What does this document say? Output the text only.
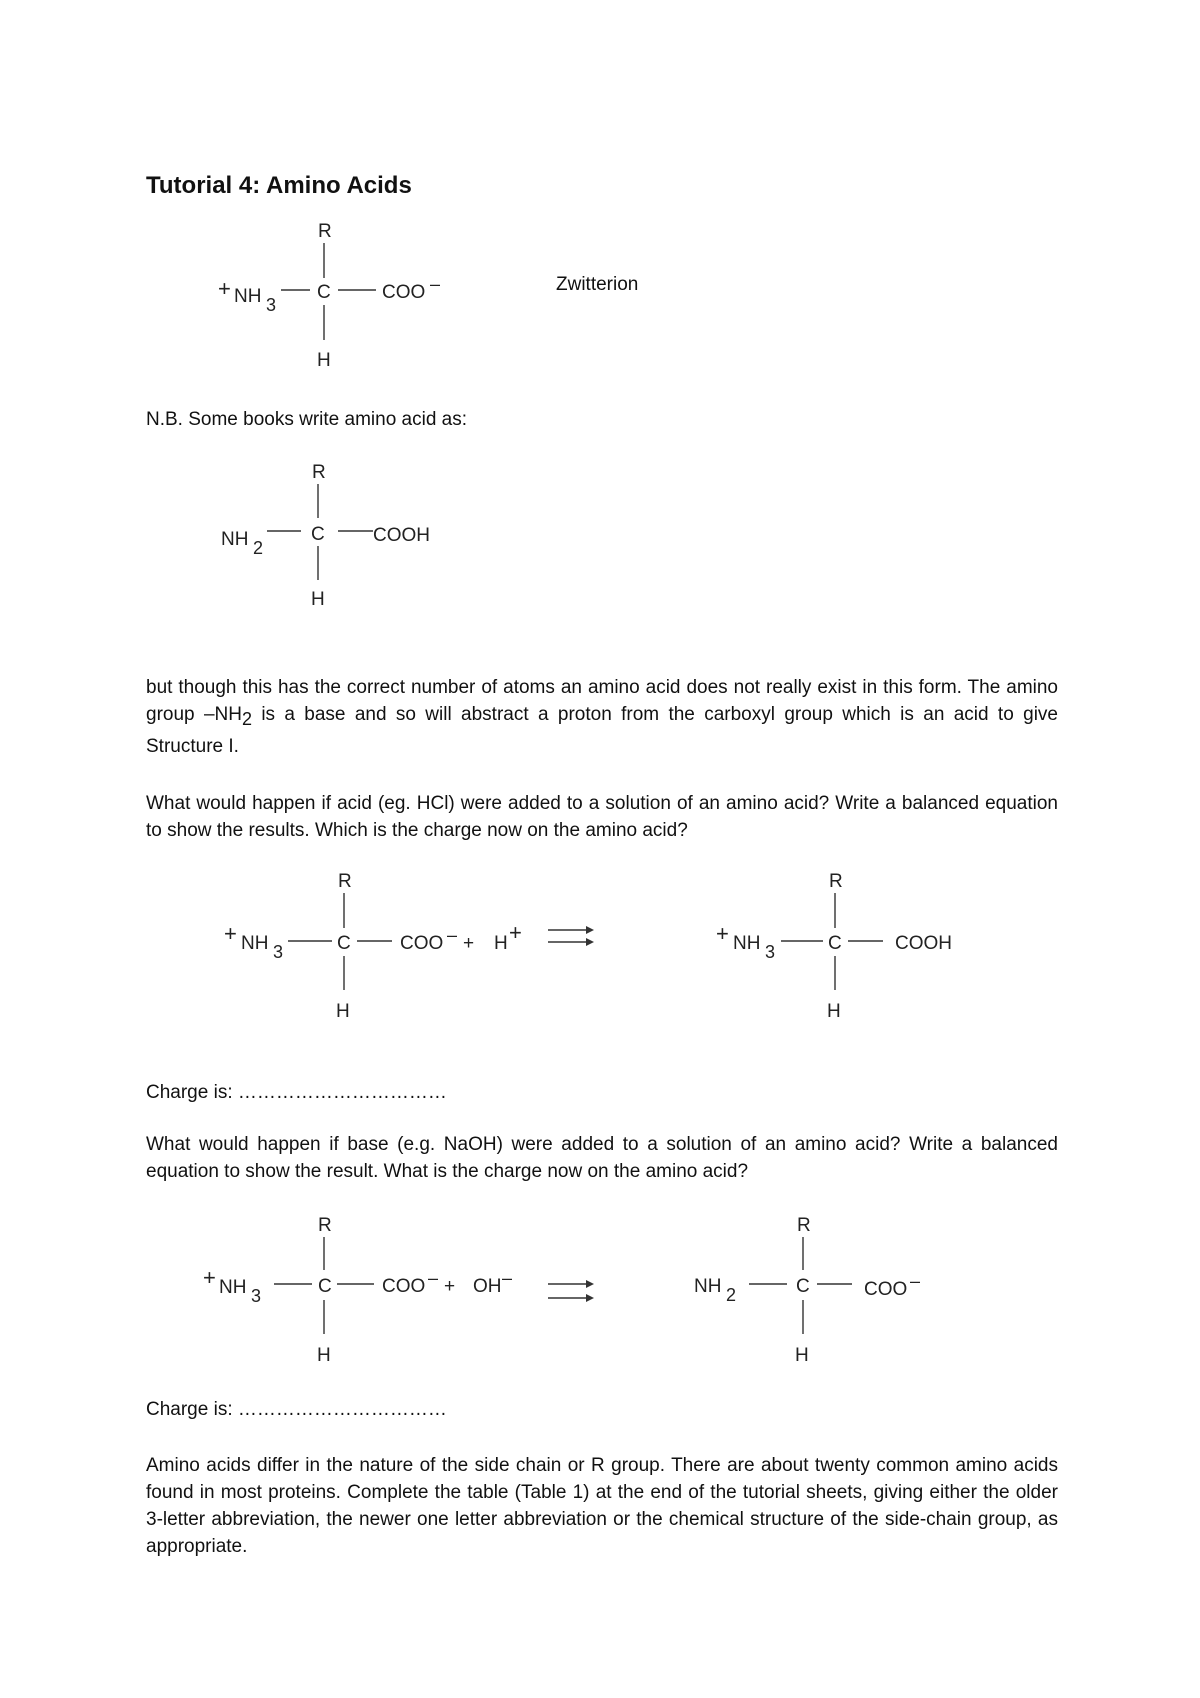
Tutorial 4: Amino Acids
R
+ NH 3
C	COO –
H
Zwitterion
N.B. Some books write amino acid as:
R
NH 2
C	COOH
H
but though this has the correct number of atoms an amino acid does not really exist in this form. The amino group $-NH_2$ is a base and so will abstract a proton from the carboxyl group which is an acid to give Structure I.
What would happen if acid (eg. HCl) were added to a solution of an amino acid? Write a balanced equation to show the results. Which is the charge now on the amino acid?
R
+ NH 3	C	COO –
H
+ H +
R
+ NH 3	C	COOH
H
Charge is: ……………………………
What would happen if base (e.g. NaOH) were added to a solution of an amino acid? Write a balanced equation to show the result. What is the charge now on the amino acid?
R
+ NH 3	C	COO –
H
+ OH –
R
NH 2	C	COO –
H
Charge is: ……………………………
Amino acids differ in the nature of the side chain or R group. There are about twenty common amino acids found in most proteins. Complete the table (Table 1) at the end of the tutorial sheets, giving either the older 3-letter abbreviation, the newer one letter abbreviation or the chemical structure of the side-chain group, as appropriate.
